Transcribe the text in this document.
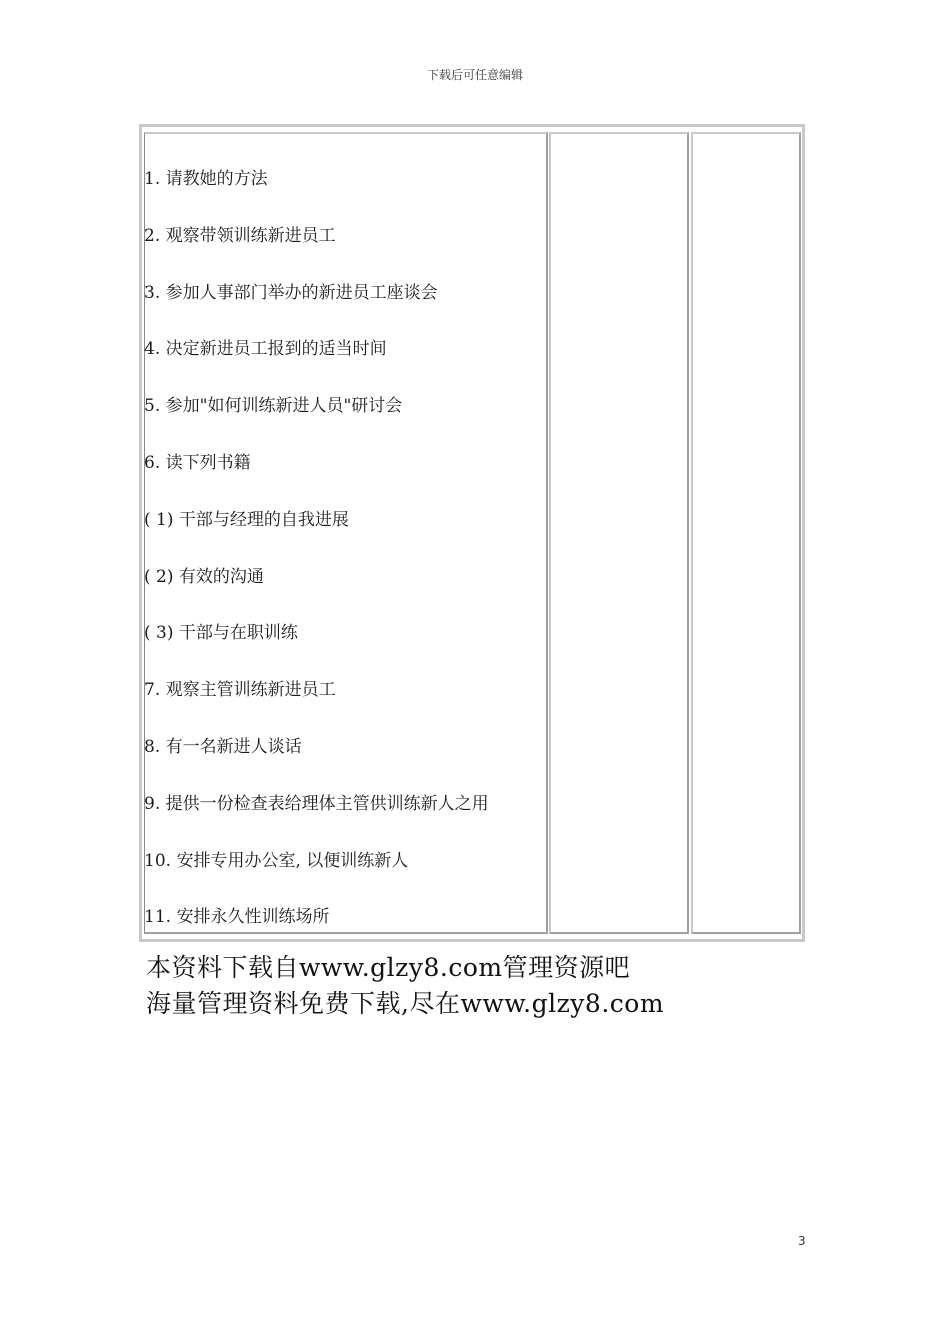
下载后可任意编辑
1. 请教她的方法
2. 观察带领训练新进员工
3. 参加人事部门举办的新进员工座谈会
4. 决定新进员工报到的适当时间
5. 参加"如何训练新进人员"研讨会
6. 读下列书籍
( 1) 干部与经理的自我进展
( 2) 有效的沟通
( 3) 干部与在职训练
7. 观察主管训练新进员工
8. 有一名新进人谈话
9. 提供一份检查表给理体主管供训练新人之用
10. 安排专用办公室, 以便训练新人
11. 安排永久性训练场所
本资料下载自www.glzy8.com管理资源吧
海量管理资料免费下载,尽在www.glzy8.com
3
